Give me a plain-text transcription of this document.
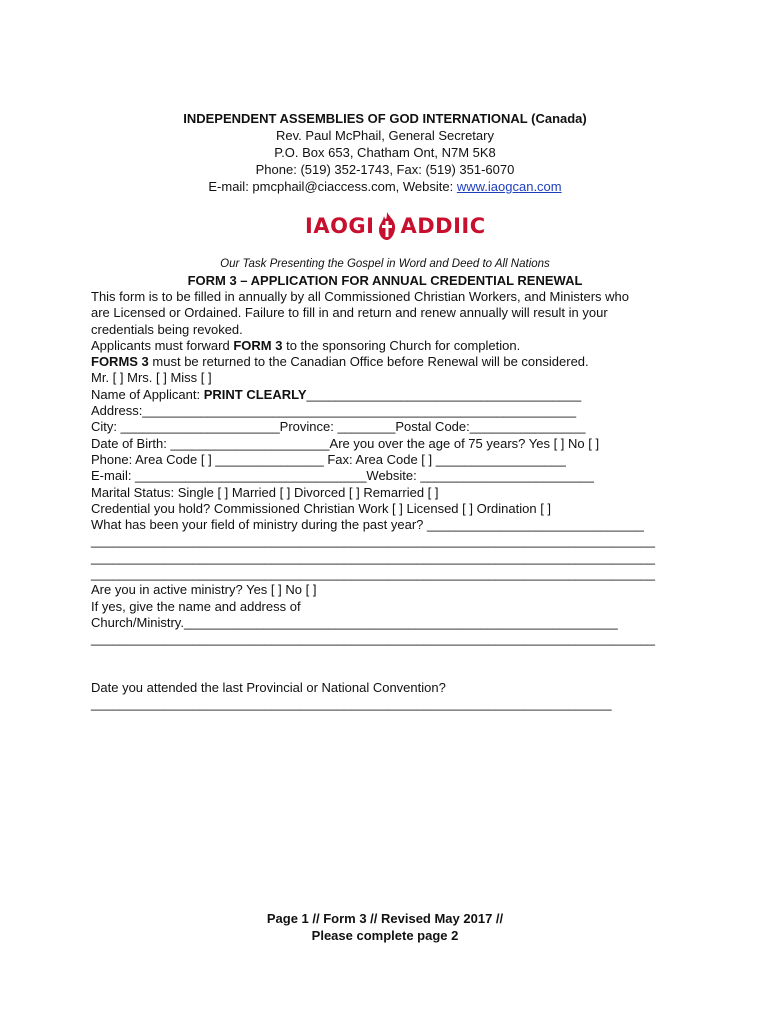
INDEPENDENT ASSEMBLIES OF GOD INTERNATIONAL (Canada)
Rev. Paul McPhail, General Secretary
P.O. Box 653, Chatham Ont, N7M 5K8
Phone: (519) 352-1743, Fax: (519) 351-6070
E-mail: pmcphail@ciaccess.com, Website: www.iaogcan.com
IAOGI ADDIIC
Our Task Presenting the Gospel in Word and Deed to All Nations
FORM 3 – APPLICATION FOR ANNUAL CREDENTIAL RENEWAL
This form is to be filled in annually by all Commissioned Christian Workers, and Ministers who
are Licensed or Ordained. Failure to fill in and return and renew annually will result in your
credentials being revoked.
Applicants must forward FORM 3 to the sponsoring Church for completion.
FORMS 3 must be returned to the Canadian Office before Renewal will be considered.
Mr. [ ] Mrs. [ ] Miss [ ]
Name of Applicant: PRINT CLEARLY______________________________________
Address:____________________________________________________________
City: ______________________Province: ________Postal Code:________________
Date of Birth: ______________________Are you over the age of 75 years? Yes [ ] No [ ]
Phone: Area Code [ ] _______________ Fax: Area Code [ ] __________________
E-mail: ________________________________Website: ________________________
Marital Status: Single [ ] Married [ ] Divorced [ ] Remarried [ ]
Credential you hold? Commissioned Christian Work [ ] Licensed [ ] Ordination [ ]
What has been your field of ministry during the past year? ______________________________
______________________________________________________________________________
______________________________________________________________________________
______________________________________________________________________________
Are you in active ministry? Yes [ ] No [ ]
If yes, give the name and address of
Church/Ministry.____________________________________________________________
______________________________________________________________________________
Date you attended the last Provincial or National Convention?
________________________________________________________________________
Page 1 // Form 3 // Revised May 2017 //
Please complete page 2
